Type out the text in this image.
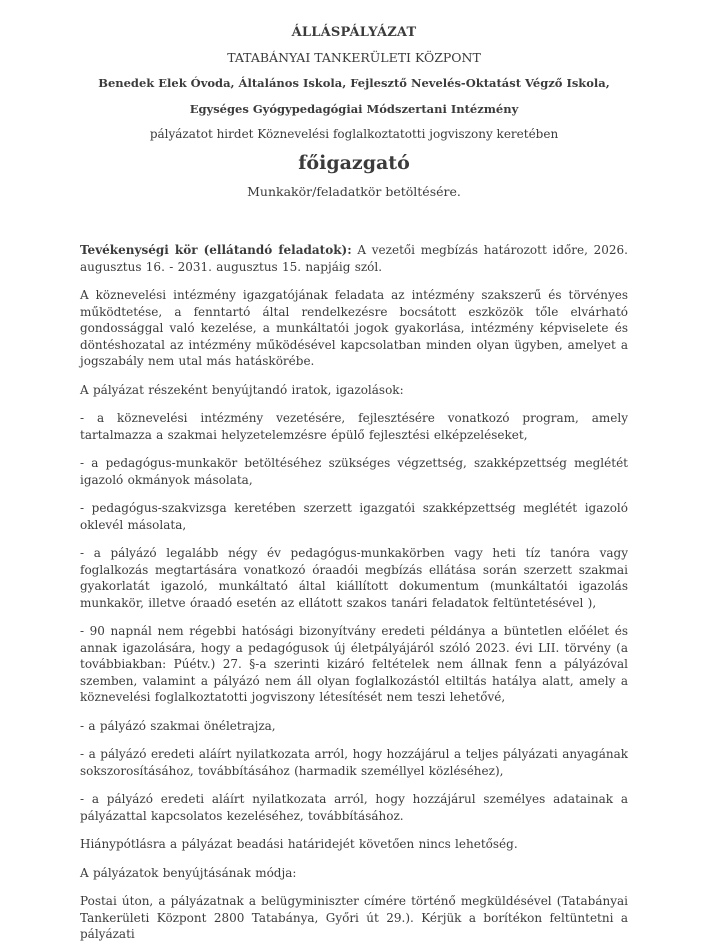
ÁLLÁSPÁLYÁZAT

TATABÁNYAI TANKERÜLETI KÖZPONT

Benedek Elek Óvoda, Általános Iskola, Fejlesztő Nevelés-Oktatást Végző Iskola, Egységes Gyógypedagógiai Módszertani Intézmény

pályázatot hirdet Köznevelési foglalkoztatotti jogviszony keretében

főigazgató

Munkakör/feladatkör betöltésére.

Tevékenységi kör (ellátandó feladatok): A vezetői megbízás határozott időre, 2026. augusztus 16. - 2031. augusztus 15. napjáig szól.

A köznevelési intézmény igazgatójának feladata az intézmény szakszerű és törvényes működtetése, a fenntartó által rendelkezésre bocsátott eszközök tőle elvárható gondossággal való kezelése, a munkáltatói jogok gyakorlása, intézmény képviselete és döntéshozatal az intézmény működésével kapcsolatban minden olyan ügyben, amelyet a jogszabály nem utal más hatáskörébe.

A pályázat részeként benyújtandó iratok, igazolások:

- a köznevelési intézmény vezetésére, fejlesztésére vonatkozó program, amely tartalmazza a szakmai helyzetelemzésre épülő fejlesztési elképzeléseket,

- a pedagógus-munkakör betöltéséhez szükséges végzettség, szakképzettség meglétét igazoló okmányok másolata,

- pedagógus-szakvizsga keretében szerzett igazgatói szakképzettség meglétét igazoló oklevél másolata,

- a pályázó legalább négy év pedagógus-munkakörben vagy heti tíz tanóra vagy foglalkozás megtartására vonatkozó óraadói megbízás ellátása során szerzett szakmai gyakorlatát igazoló, munkáltató által kiállított dokumentum (munkáltatói igazolás munkakör, illetve óraadó esetén az ellátott szakos tanári feladatok feltüntetésével ),

- 90 napnál nem régebbi hatósági bizonyítvány eredeti példánya a büntetlen előélet és annak igazolására, hogy a pedagógusok új életpályájáról szóló 2023. évi LII. törvény (a továbbiakban: Púétv.) 27. §-a szerinti kizáró feltételek nem állnak fenn a pályázóval szemben, valamint a pályázó nem áll olyan foglalkozástól eltiltás hatálya alatt, amely a köznevelési foglalkoztatotti jogviszony létesítését nem teszi lehetővé,

- a pályázó szakmai önéletrajza,

- a pályázó eredeti aláírt nyilatkozata arról, hogy hozzájárul a teljes pályázati anyagának sokszorosításához, továbbításához (harmadik személlyel közléséhez),

- a pályázó eredeti aláírt nyilatkozata arról, hogy hozzájárul személyes adatainak a pályázattal kapcsolatos kezeléséhez, továbbításához.

Hiánypótlásra a pályázat beadási határidejét követően nincs lehetőség.

A pályázatok benyújtásának módja:

Postai úton, a pályázatnak a belügyminiszter címére történő megküldésével (Tatabányai Tankerületi Központ 2800 Tatabánya, Győri út 29.). Kérjük a borítékon feltüntetni a pályázati
